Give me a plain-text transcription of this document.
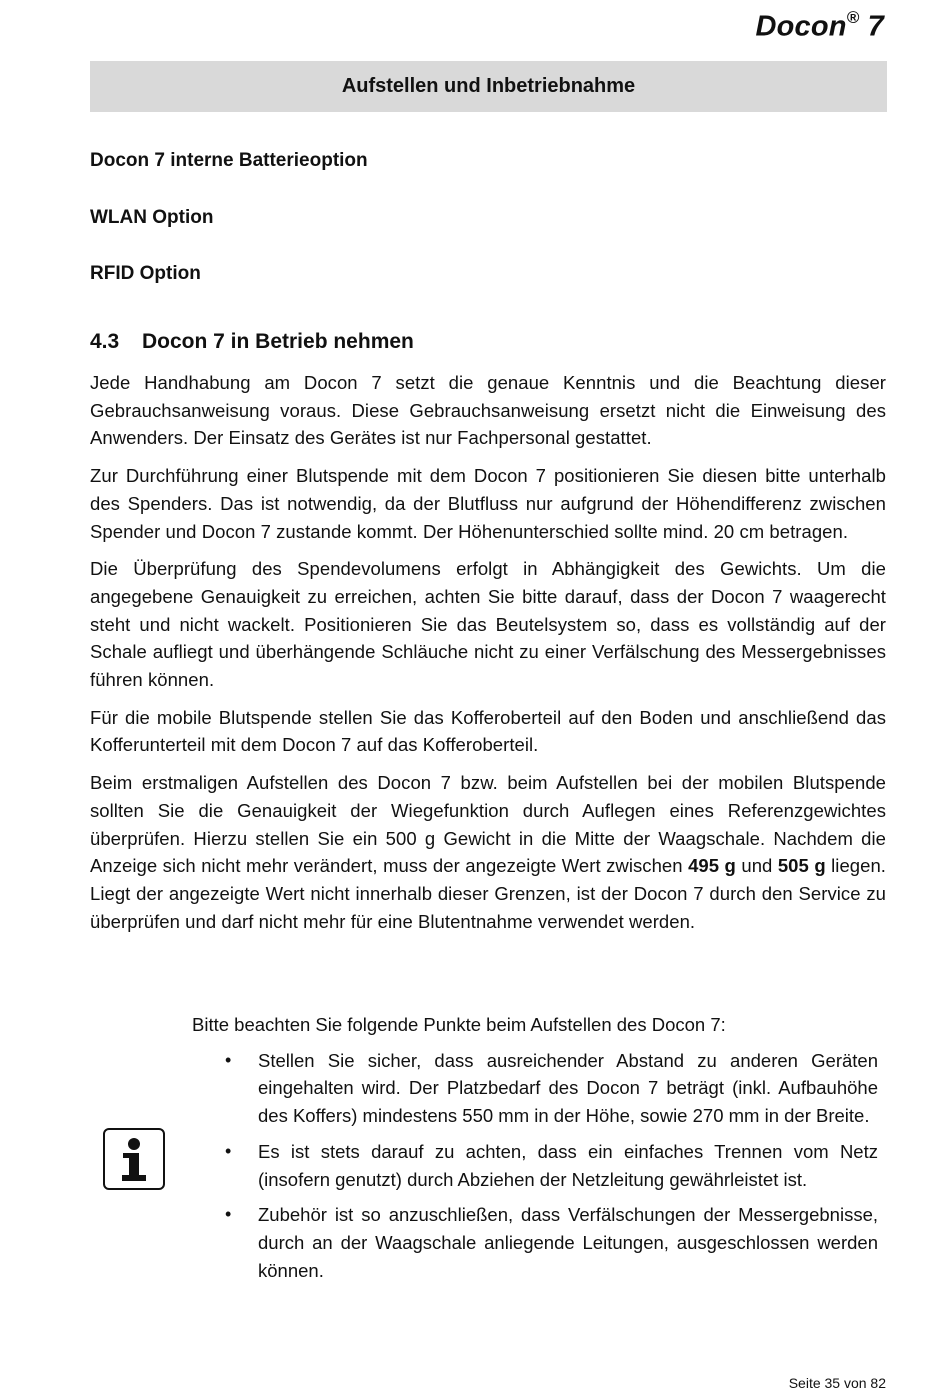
Docon® 7
Aufstellen und Inbetriebnahme
Docon 7 interne Batterieoption
WLAN Option
RFID Option
4.3 Docon 7 in Betrieb nehmen

Jede Handhabung am Docon 7 setzt die genaue Kenntnis und die Beachtung dieser Gebrauchsanweisung voraus. Diese Gebrauchsanweisung ersetzt nicht die Einweisung des Anwenders. Der Einsatz des Gerätes ist nur Fachpersonal gestattet.

Zur Durchführung einer Blutspende mit dem Docon 7 positionieren Sie diesen bitte unterhalb des Spenders. Das ist notwendig, da der Blutfluss nur aufgrund der Höhendifferenz zwischen Spender und Docon 7 zustande kommt. Der Höhenunterschied sollte mind. 20 cm betragen.

Die Überprüfung des Spendevolumens erfolgt in Abhängigkeit des Gewichts. Um die angegebene Genauigkeit zu erreichen, achten Sie bitte darauf, dass der Docon 7 waagerecht steht und nicht wackelt. Positionieren Sie das Beutelsystem so, dass es vollständig auf der Schale aufliegt und überhängende Schläuche nicht zu einer Verfälschung des Messergebnisses führen können.

Für die mobile Blutspende stellen Sie das Kofferoberteil auf den Boden und anschließend das Kofferunterteil mit dem Docon 7 auf das Kofferoberteil.

Beim erstmaligen Aufstellen des Docon 7 bzw. beim Aufstellen bei der mobilen Blutspende sollten Sie die Genauigkeit der Wiegefunktion durch Auflegen eines Referenzgewichtes überprüfen. Hierzu stellen Sie ein 500 g Gewicht in die Mitte der Waagschale. Nachdem die Anzeige sich nicht mehr verändert, muss der angezeigte Wert zwischen 495 g und 505 g liegen. Liegt der angezeigte Wert nicht innerhalb dieser Grenzen, ist der Docon 7 durch den Service zu überprüfen und darf nicht mehr für eine Blutentnahme verwendet werden.

Bitte beachten Sie folgende Punkte beim Aufstellen des Docon 7:

• Stellen Sie sicher, dass ausreichender Abstand zu anderen Geräten eingehalten wird. Der Platzbedarf des Docon 7 beträgt (inkl. Aufbauhöhe des Koffers) mindestens 550 mm in der Höhe, sowie 270 mm in der Breite.
• Es ist stets darauf zu achten, dass ein einfaches Trennen vom Netz (insofern genutzt) durch Abziehen der Netzleitung gewährleistet ist.
• Zubehör ist so anzuschließen, dass Verfälschungen der Messergebnisse, durch an der Waagschale anliegende Leitungen, ausgeschlossen werden können.
Seite 35 von 82
